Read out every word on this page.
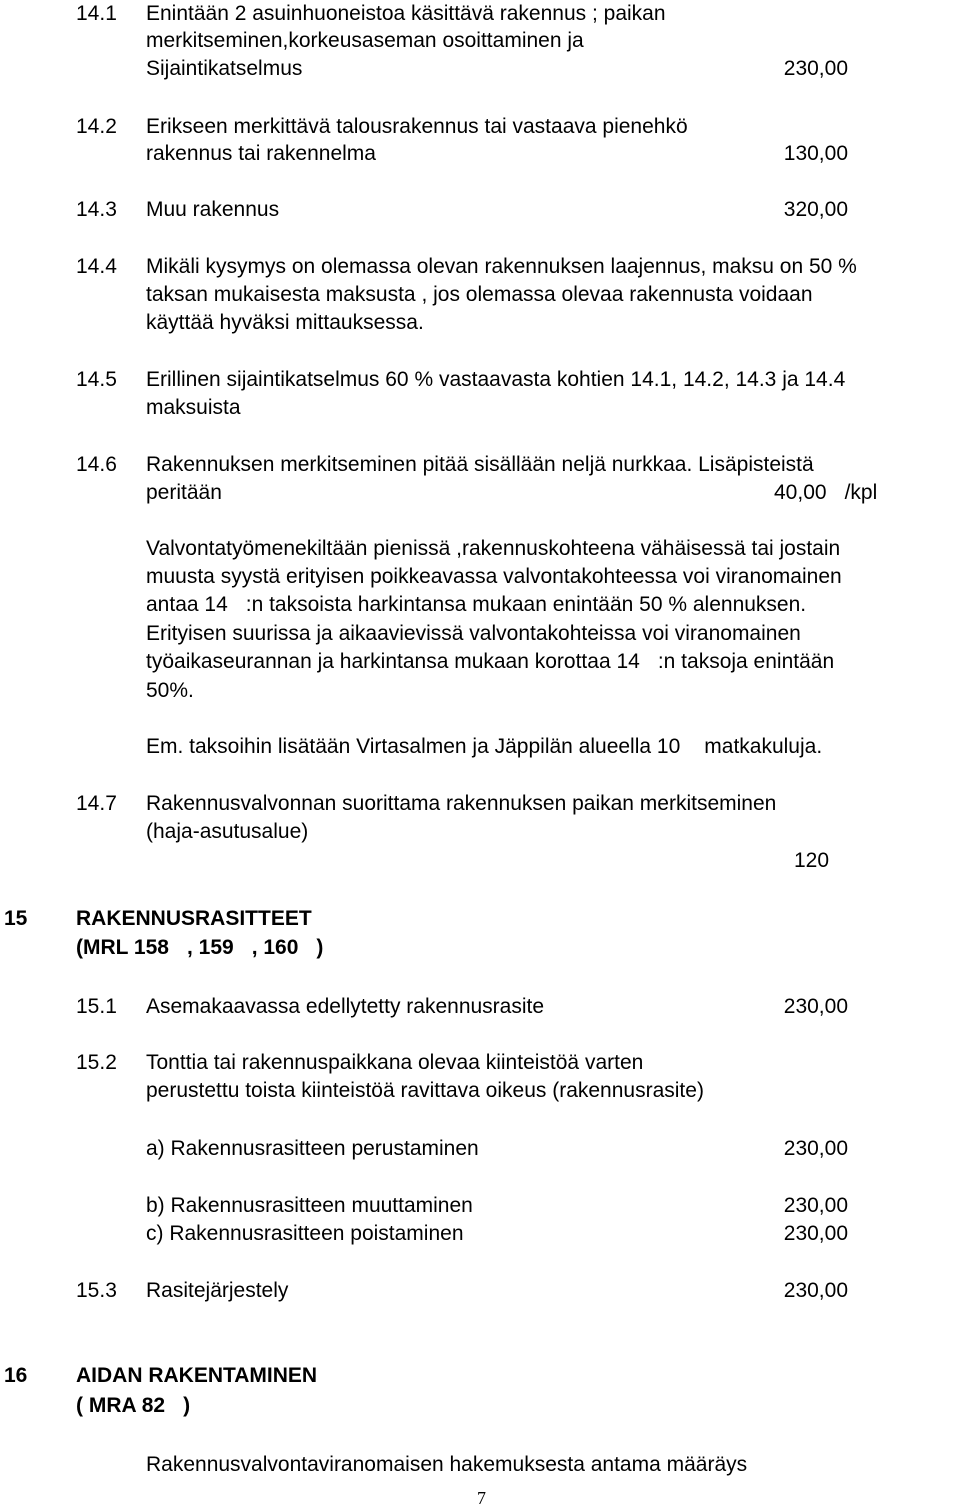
14.1 Enintään 2 asuinhuoneistoa käsittävä rakennus ; paikan
merkitseminen,korkeusaseman osoittaminen ja
Sijaintikatselmus	230,00
14.2 Erikseen merkittävä talousrakennus tai vastaava pienehkö
rakennus tai rakennelma	130,00
14.3 Muu rakennus	320,00
14.4 Mikäli kysymys on olemassa olevan rakennuksen laajennus, maksu on 50 %
taksan mukaisesta maksusta , jos olemassa olevaa rakennusta voidaan
käyttää hyväksi mittauksessa.
14.5 Erillinen sijaintikatselmus 60 % vastaavasta kohtien 14.1, 14.2, 14.3 ja 14.4
maksuista
14.6 Rakennuksen merkitseminen pitää sisällään neljä nurkkaa. Lisäpisteistä
peritään	40,00 /kpl
Valvontatyömenekiltään pienissä ,rakennuskohteena vähäisessä tai jostain
muusta syystä erityisen poikkeavassa valvontakohteessa voi viranomainen
antaa 14 :n taksoista harkintansa mukaan enintään 50 % alennuksen.
Erityisen suurissa ja aikaavievissä valvontakohteissa voi viranomainen
työaikaseurannan ja harkintansa mukaan korottaa 14 :n taksoja enintään
50%.
Em. taksoihin lisätään Virtasalmen ja Jäppilän alueella 10 matkakuluja.
14.7 Rakennusvalvonnan suorittama rakennuksen paikan merkitseminen
(haja-asutusalue)
120
15 RAKENNUSRASITTEET
(MRL 158 , 159 , 160 )
15.1 Asemakaavassa edellytetty rakennusrasite	230,00
15.2 Tonttia tai rakennuspaikkana olevaa kiinteistöä varten
perustettu toista kiinteistöä ravittava oikeus (rakennusrasite)
a) Rakennusrasitteen perustaminen	230,00
b) Rakennusrasitteen muuttaminen	230,00
c) Rakennusrasitteen poistaminen	230,00
15.3 Rasitejärjestely	230,00
16 AIDAN RAKENTAMINEN
( MRA 82 )
Rakennusvalvontaviranomaisen hakemuksesta antama määräys
7
